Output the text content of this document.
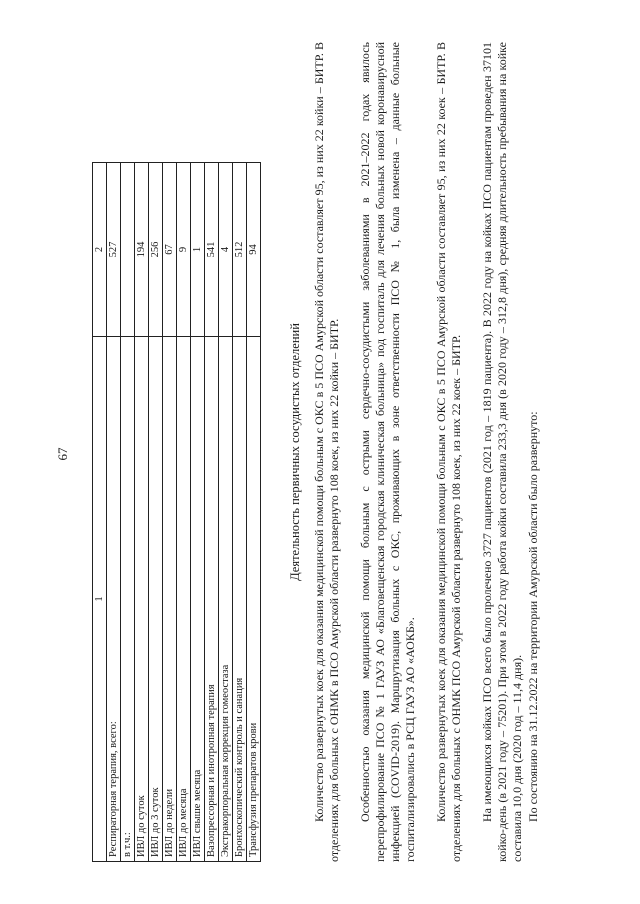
67
1	2
Респираторная терапия, всего:	527
в т.ч.:	
ИВЛ до суток	194
ИВЛ до 3 суток	256
ИВЛ до недели	67
ИВЛ до месяца	9
ИВЛ свыше месяца	1
Вазопрессорная и инотропная терапия	541
Экстракорпоральная коррекция гомеостаза	4
Бронхоскопический контроль и санация	512
Трансфузия препаратов крови	94
Деятельность первичных сосудистых отделений Количество развернутых коек для оказания медицинской помощи больным с ОКС в 5 ПСО Амурской области составляет 95, из них 22 койки – БИТР. В отделениях для больных с ОНМК в ПСО Амурской области развернуто 108 коек, из них 22 койки – БИТР. Особенностью оказания медицинской помощи больным с острыми сердечно-сосудистыми заболеваниями в 2021–2022 годах явилось перепрофилирование ПСО № 1 ГАУЗ АО «Благовещенская городская клиническая больница» под госпиталь для лечения больных новой коронавирусной инфекцией (COVID-2019). Маршрутизация больных с ОКС, проживающих в зоне ответственности ПСО № 1, была изменена – данные больные госпитализировались в РСЦ ГАУЗ АО «АОКБ». Количество развернутых коек для оказания медицинской помощи больным с ОКС в 5 ПСО Амурской области составляет 95, из них 22 коек – БИТР. В отделениях для больных с ОНМК ПСО Амурской области развернуто 108 коек, из них 22 коек – БИТР. На имеющихся койках ПСО всего было пролечено 3727 пациентов (2021 год – 1819 пациента). В 2022 году на койках ПСО пациентам проведен 37101 койко-день (в 2021 году – 75201). При этом в 2022 году работа койки составила 233,3 дня (в 2020 году – 312,8 дня), средняя длительность пребывания на койке составила 10,0 дня (2020 год – 11,4 дня). По состоянию на 31.12.2022 на территории Амурской области было развернуто:
